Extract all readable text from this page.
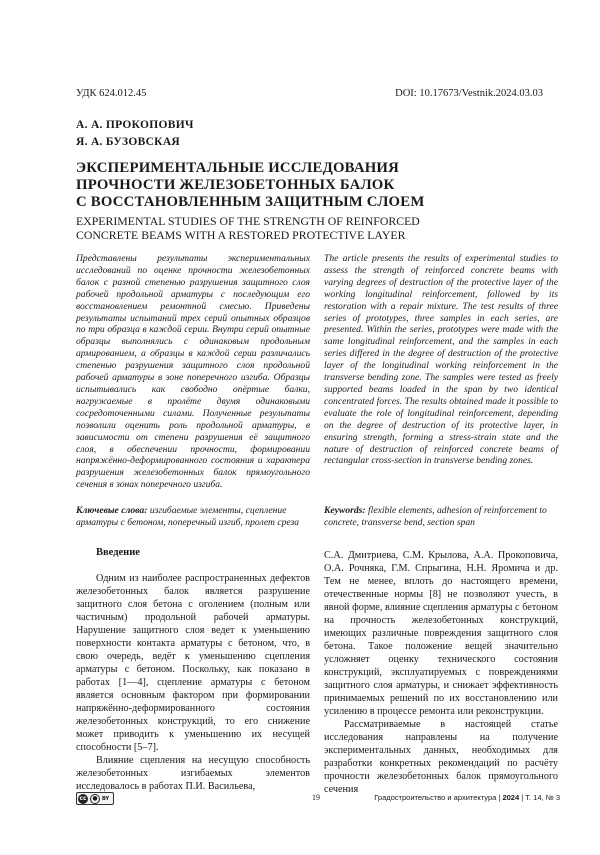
УДК 624.012.45	DOI: 10.17673/Vestnik.2024.03.03
А. А. ПРОКОПОВИЧ
Я. А. БУЗОВСКАЯ
ЭКСПЕРИМЕНТАЛЬНЫЕ ИССЛЕДОВАНИЯ
ПРОЧНОСТИ ЖЕЛЕЗОБЕТОННЫХ БАЛОК
С ВОССТАНОВЛЕННЫМ ЗАЩИТНЫМ СЛОЕМ
EXPERIMENTAL STUDIES OF THE STRENGTH OF REINFORCED
CONCRETE BEAMS WITH A RESTORED PROTECTIVE LAYER
Представлены результаты экспериментальных исследований по оценке прочности железобетонных балок с разной степенью разрушения защитного слоя рабочей продольной арматуры с последующим его восстановлением ремонтной смесью. Приведены результаты испытаний трех серий опытных образцов по три образца в каждой серии. Внутри серий опытные образцы выполнялись с одинаковым продольным армированием, а образцы в каждой серии различались степенью разрушения защитного слоя продольной рабочей арматуры в зоне поперечного изгиба. Образцы испытывались как свободно опёртые балки, нагружаемые в пролёте двумя одинаковыми сосредоточенными силами. Полученные результаты позволили оценить роль продольной арматуры, в зависимости от степени разрушения её защитного слоя, в обеспечении прочности, формировании напряжённо-деформированного состояния и характера разрушения железобетонных балок прямоугольного сечения в зонах поперечного изгиба.
The article presents the results of experimental studies to assess the strength of reinforced concrete beams with varying degrees of destruction of the protective layer of the working longitudinal reinforcement, followed by its restoration with a repair mixture. The test results of three series of prototypes, three samples in each series, are presented. Within the series, prototypes were made with the same longitudinal reinforcement, and the samples in each series differed in the degree of destruction of the protective layer of the longitudinal working reinforcement in the transverse bending zone. The samples were tested as freely supported beams loaded in the span by two identical concentrated forces. The results obtained made it possible to evaluate the role of longitudinal reinforcement, depending on the degree of destruction of its protective layer, in ensuring strength, forming a stress-strain state and the nature of destruction of reinforced concrete beams of rectangular cross-section in transverse bending zones.
Ключевые слова: изгибаемые элементы, сцепление арматуры с бетоном, поперечный изгиб, пролет среза
Keywords: flexible elements, adhesion of reinforcement to concrete, transverse bend, section span
Введение

Одним из наиболее распространенных дефектов железобетонных балок является разрушение защитного слоя бетона с оголением (полным или частичным) продольной рабочей арматуры. Нарушение защитного слоя ведет к уменьшению поверхности контакта арматуры с бетоном, что, в свою очередь, ведёт к уменьшению сцепления арматуры с бетоном. Поскольку, как показано в работах [1—4], сцепление арматуры с бетоном является основным фактором при формировании напряжённо-деформированного состояния железобетонных конструкций, то его снижение может приводить к уменьшению их несущей способности [5–7].

Влияние сцепления на несущую способность железобетонных изгибаемых элементов исследовалось в работах П.И. Васильева,

С.А. Дмитриева, С.М. Крылова, А.А. Прокоповича, О.А. Рочняка, Г.М. Спрыгина, Н.Н. Яромича и др. Тем не менее, вплоть до настоящего времени, отечественные нормы [8] не позволяют учесть, в явной форме, влияние сцепления арматуры с бетоном на прочность железобетонных конструкций, имеющих различные повреждения защитного слоя бетона. Такое положение вещей значительно усложняет оценку технического состояния конструкций, эксплуатируемых с повреждениями защитного слоя арматуры, и снижает эффективность принимаемых решений по их восстановлению или усилению в процессе ремонта или реконструкции.

Рассматриваемые в настоящей статье исследования направлены на получение экспериментальных данных, необходимых для разработки конкретных рекомендаций по расчёту прочности железобетонных балок прямоугольного сечения

cc ● BY	19	Градостроительство и архитектура | 2024 | Т. 14, № 3
